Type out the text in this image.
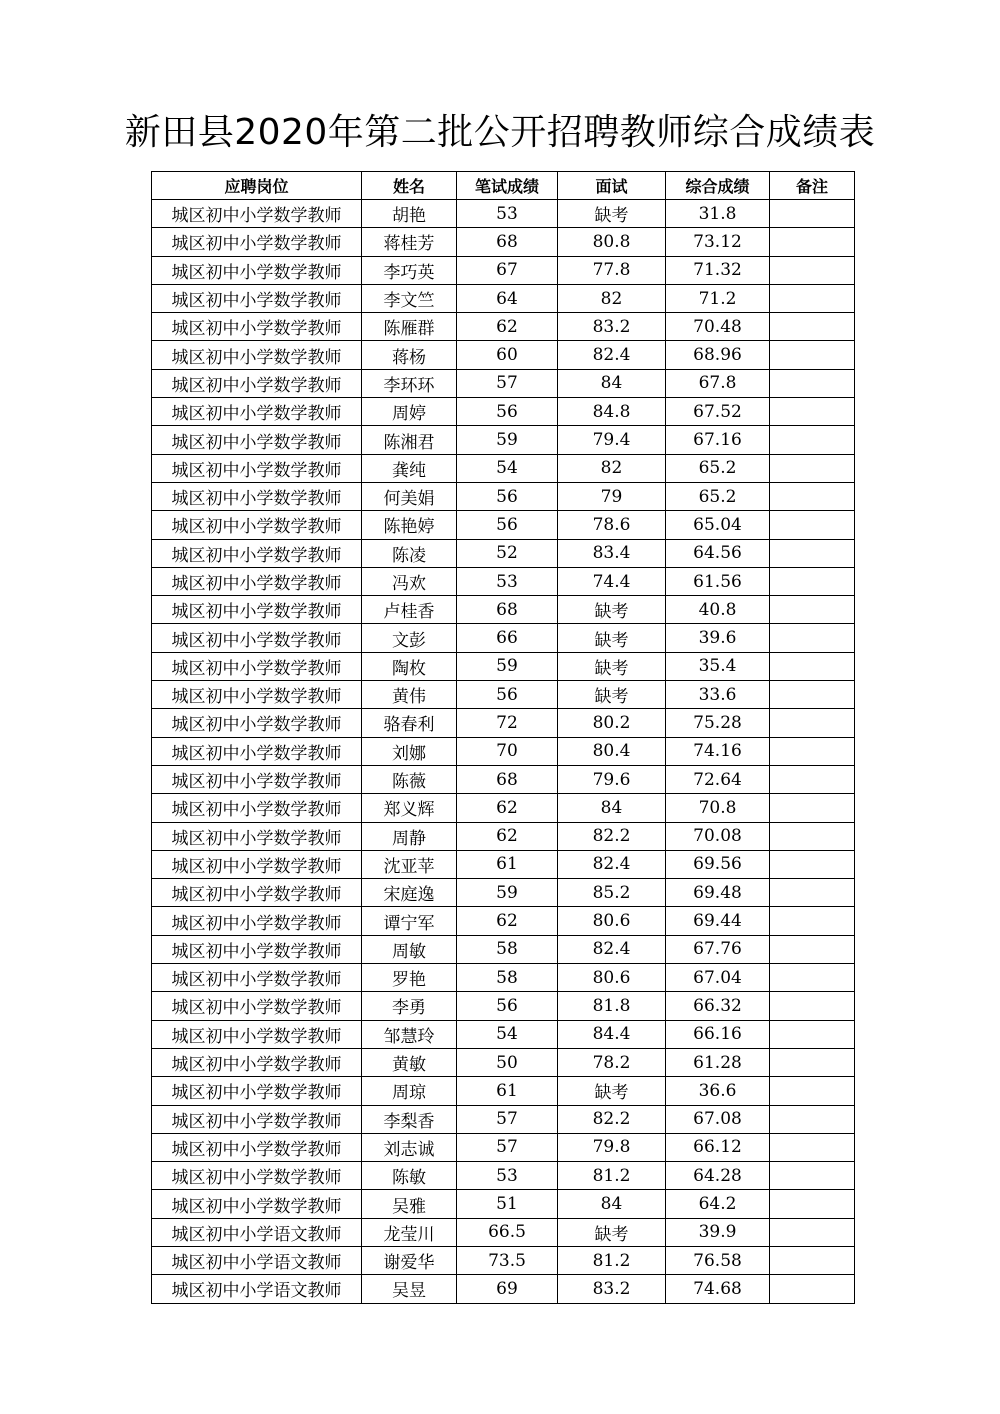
新田县2020年第二批公开招聘教师综合成绩表
应聘岗位	姓名	笔试成绩	面试	综合成绩	备注
城区初中小学数学教师	胡艳	53	缺考	31.8	
城区初中小学数学教师	蒋桂芳	68	80.8	73.12	
城区初中小学数学教师	李巧英	67	77.8	71.32	
城区初中小学数学教师	李文竺	64	82	71.2	
城区初中小学数学教师	陈雁群	62	83.2	70.48	
城区初中小学数学教师	蒋杨	60	82.4	68.96	
城区初中小学数学教师	李环环	57	84	67.8	
城区初中小学数学教师	周婷	56	84.8	67.52	
城区初中小学数学教师	陈湘君	59	79.4	67.16	
城区初中小学数学教师	龚纯	54	82	65.2	
城区初中小学数学教师	何美娟	56	79	65.2	
城区初中小学数学教师	陈艳婷	56	78.6	65.04	
城区初中小学数学教师	陈凌	52	83.4	64.56	
城区初中小学数学教师	冯欢	53	74.4	61.56	
城区初中小学数学教师	卢桂香	68	缺考	40.8	
城区初中小学数学教师	文彭	66	缺考	39.6	
城区初中小学数学教师	陶枚	59	缺考	35.4	
城区初中小学数学教师	黄伟	56	缺考	33.6	
城区初中小学数学教师	骆春利	72	80.2	75.28	
城区初中小学数学教师	刘娜	70	80.4	74.16	
城区初中小学数学教师	陈薇	68	79.6	72.64	
城区初中小学数学教师	郑义辉	62	84	70.8	
城区初中小学数学教师	周静	62	82.2	70.08	
城区初中小学数学教师	沈亚苹	61	82.4	69.56	
城区初中小学数学教师	宋庭逸	59	85.2	69.48	
城区初中小学数学教师	谭宁军	62	80.6	69.44	
城区初中小学数学教师	周敏	58	82.4	67.76	
城区初中小学数学教师	罗艳	58	80.6	67.04	
城区初中小学数学教师	李勇	56	81.8	66.32	
城区初中小学数学教师	邹慧玲	54	84.4	66.16	
城区初中小学数学教师	黄敏	50	78.2	61.28	
城区初中小学数学教师	周琼	61	缺考	36.6	
城区初中小学数学教师	李梨香	57	82.2	67.08	
城区初中小学数学教师	刘志诚	57	79.8	66.12	
城区初中小学数学教师	陈敏	53	81.2	64.28	
城区初中小学数学教师	吴雅	51	84	64.2	
城区初中小学语文教师	龙莹川	66.5	缺考	39.9	
城区初中小学语文教师	谢爱华	73.5	81.2	76.58	
城区初中小学语文教师	吴昱	69	83.2	74.68	
